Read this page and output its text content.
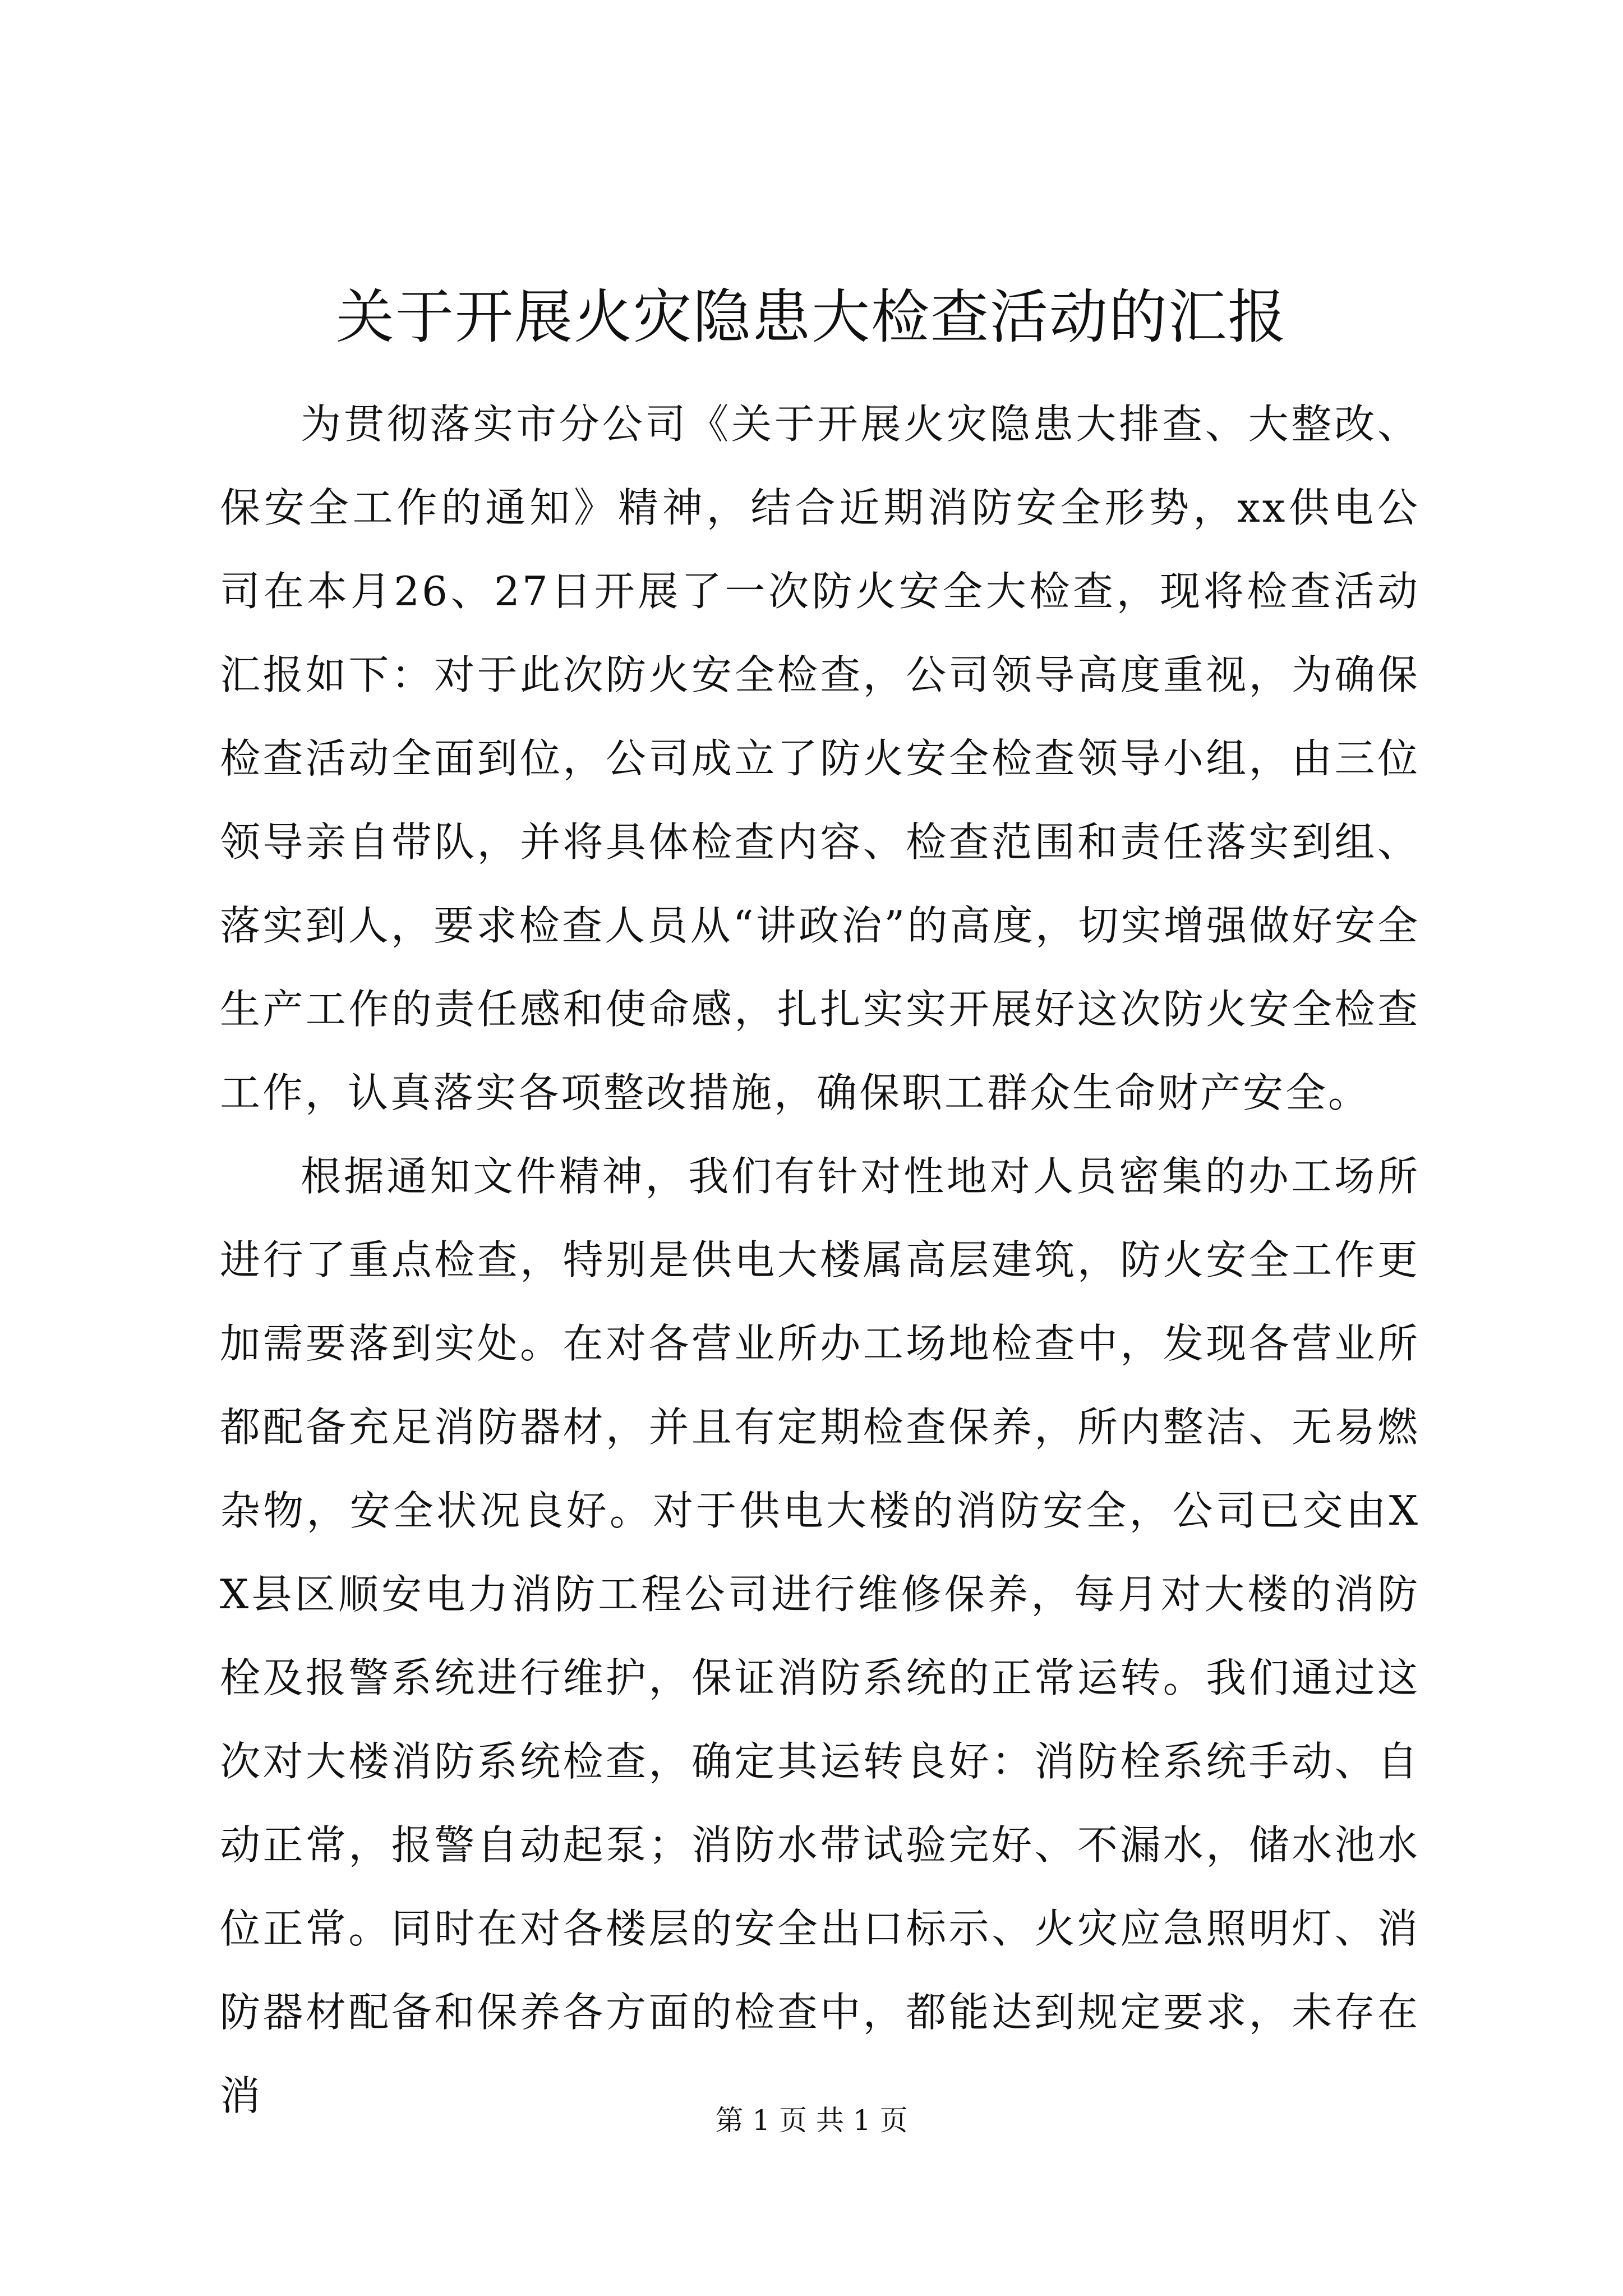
关于开展火灾隐患大检查活动的汇报

为贯彻落实市分公司《关于开展火灾隐患大排查、大整改、保安全工作的通知》精神，结合近期消防安全形势，xx供电公司在本月26、27日开展了一次防火安全大检查，现将检查活动汇报如下：对于此次防火安全检查，公司领导高度重视，为确保检查活动全面到位，公司成立了防火安全检查领导小组，由三位领导亲自带队，并将具体检查内容、检查范围和责任落实到组、落实到人，要求检查人员从“讲政治”的高度，切实增强做好安全生产工作的责任感和使命感，扎扎实实开展好这次防火安全检查工作，认真落实各项整改措施，确保职工群众生命财产安全。

根据通知文件精神，我们有针对性地对人员密集的办工场所进行了重点检查，特别是供电大楼属高层建筑，防火安全工作更加需要落到实处。在对各营业所办工场地检查中，发现各营业所都配备充足消防器材，并且有定期检查保养，所内整洁、无易燃杂物，安全状况良好。对于供电大楼的消防安全，公司已交由XX县区顺安电力消防工程公司进行维修保养，每月对大楼的消防栓及报警系统进行维护，保证消防系统的正常运转。我们通过这次对大楼消防系统检查，确定其运转良好：消防栓系统手动、自动正常，报警自动起泵；消防水带试验完好、不漏水，储水池水位正常。同时在对各楼层的安全出口标示、火灾应急照明灯、消防器材配备和保养各方面的检查中，都能达到规定要求，未存在消

第 1 页 共 1 页
